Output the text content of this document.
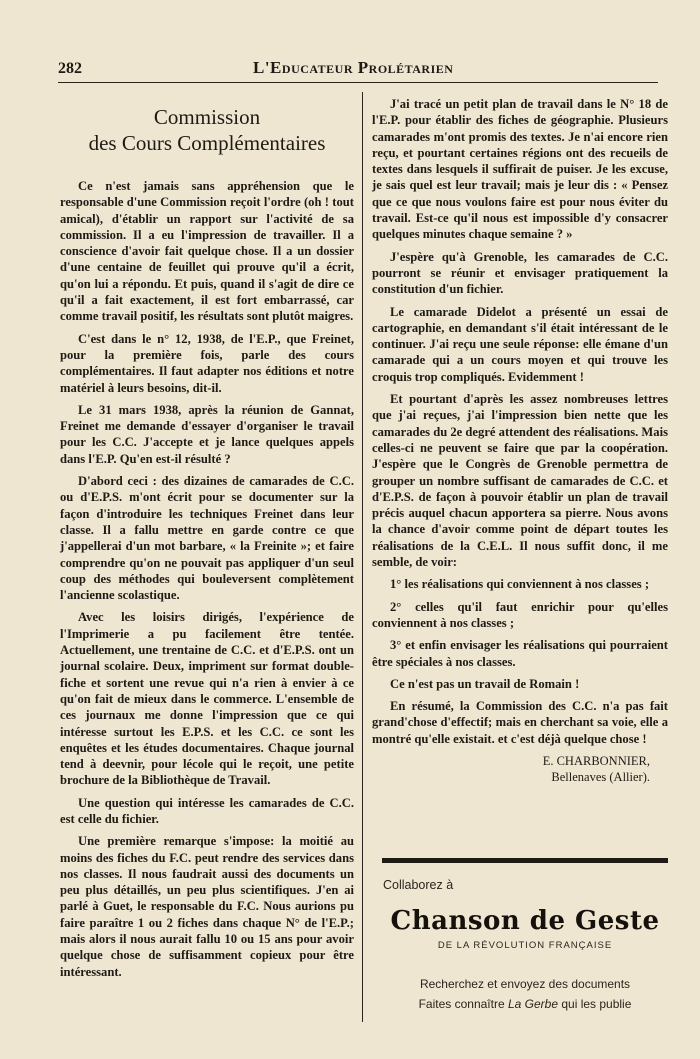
282	L'Educateur Prolétarien
Commission
des Cours Complémentaires

Ce n'est jamais sans appréhension que le responsable d'une Commission reçoit l'ordre (oh ! tout amical), d'établir un rapport sur l'activité de sa commission. Il a eu l'impression de travailler. Il a conscience d'avoir fait quelque chose. Il a un dossier d'une centaine de feuillet qui prouve qu'il a écrit, qu'on lui a répondu. Et puis, quand il s'agit de dire ce qu'il a fait exactement, il est fort embarrassé, car comme travail positif, les résultats sont plutôt maigres.

C'est dans le n° 12, 1938, de l'E.P., que Freinet, pour la première fois, parle des cours complémentaires. Il faut adapter nos éditions et notre matériel à leurs besoins, dit-il.

Le 31 mars 1938, après la réunion de Gannat, Freinet me demande d'essayer d'organiser le travail pour les C.C. J'accepte et je lance quelques appels dans l'E.P. Qu'en est-il résulté ?

D'abord ceci : des dizaines de camarades de C.C. ou d'E.P.S. m'ont écrit pour se documenter sur la façon d'introduire les techniques Freinet dans leur classe. Il a fallu mettre en garde contre ce que j'appellerai d'un mot barbare, « la Freinite »; et faire comprendre qu'on ne pouvait pas appliquer d'un seul coup des méthodes qui bouleversent complètement l'ancienne scolastique.

Avec les loisirs dirigés, l'expérience de l'Imprimerie a pu facilement être tentée. Actuellement, une trentaine de C.C. et d'E.P.S. ont un journal scolaire. Deux, impriment sur format double-fiche et sortent une revue qui n'a rien à envier à ce qu'on fait de mieux dans le commerce. L'ensemble de ces journaux me donne l'impression que ce qui intéresse surtout les E.P.S. et les C.C. ce sont les enquêtes et les études documentaires. Chaque journal tend à deevnir, pour lécole qui le reçoit, une petite brochure de la Bibliothèque de Travail.

Une question qui intéresse les camarades de C.C. est celle du fichier.

Une première remarque s'impose: la moitié au moins des fiches du F.C. peut rendre des services dans nos classes. Il nous faudrait aussi des documents un peu plus détaillés, un peu plus scientifiques. J'en ai parlé à Guet, le responsable du F.C. Nous aurions pu faire paraître 1 ou 2 fiches dans chaque N° de l'E.P.; mais alors il nous aurait fallu 10 ou 15 ans pour avoir quelque chose de suffisamment copieux pour être intéressant.

J'ai tracé un petit plan de travail dans le N° 18 de l'E.P. pour établir des fiches de géographie. Plusieurs camarades m'ont promis des textes. Je n'ai encore rien reçu, et pourtant certaines régions ont des recueils de textes dans lesquels il suffirait de puiser. Je les excuse, je sais quel est leur travail; mais je leur dis : « Pensez que ce que nous voulons faire est pour nous éviter du travail. Est-ce qu'il nous est impossible d'y consacrer quelques minutes chaque semaine ? »

J'espère qu'à Grenoble, les camarades de C.C. pourront se réunir et envisager pratiquement la constitution d'un fichier.

Le camarade Didelot a présenté un essai de cartographie, en demandant s'il était intéressant de le continuer. J'ai reçu une seule réponse: elle émane d'un camarade qui a un cours moyen et qui trouve les croquis trop compliqués. Evidemment !

Et pourtant d'après les assez nombreuses lettres que j'ai reçues, j'ai l'impression bien nette que les camarades du 2e degré attendent des réalisations. Mais celles-ci ne peuvent se faire que par la coopération. J'espère que le Congrès de Grenoble permettra de grouper un nombre suffisant de camarades de C.C. et d'E.P.S. de façon à pouvoir établir un plan de travail précis auquel chacun apportera sa pierre. Nous avons la chance d'avoir comme point de départ toutes les réalisations de la C.E.L. Il nous suffit donc, il me semble, de voir:

1° les réalisations qui conviennent à nos classes ;

2° celles qu'il faut enrichir pour qu'elles conviennent à nos classes ;

3° et enfin envisager les réalisations qui pourraient être spéciales à nos classes.

Ce n'est pas un travail de Romain !

En résumé, la Commission des C.C. n'a pas fait grand'chose d'effectif; mais en cherchant sa voie, elle a montré qu'elle existait. et c'est déjà quelque chose !

E. CHARBONNIER,
Bellenaves (Allier).
Collaborez à
Chanson de Geste
DE LA RÉVOLUTION FRANÇAISE
Recherchez et envoyez des documents
Faites connaître La Gerbe qui les publie
